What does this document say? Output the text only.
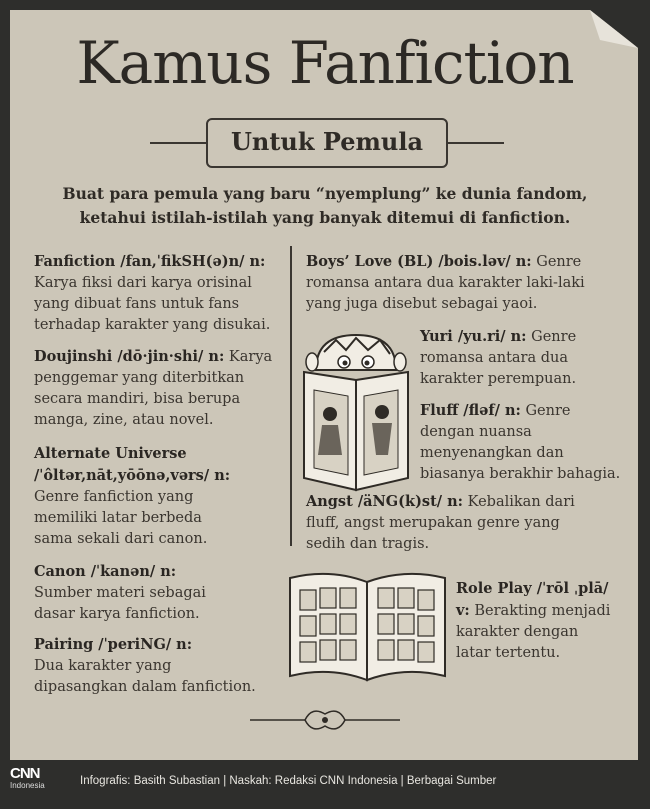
Kamus Fanfiction
Untuk Pemula
Buat para pemula yang baru “nyemplung” ke dunia fandom,
ketahui istilah-istilah yang banyak ditemui di fanfiction.
Fanfiction /fan,ˈfikSH(ə)n/ n:
Karya fiksi dari karya orisinal
yang dibuat fans untuk fans
terhadap karakter yang disukai.
Doujinshi /dō·jin·shi/ n: Karya
penggemar yang diterbitkan
secara mandiri, bisa berupa
manga, zine, atau novel.
Alternate Universe
/ˈôltər,nāt,yōōnə,vərs/ n:
Genre fanfiction yang
memiliki latar berbeda
sama sekali dari canon.
Canon /ˈkanən/ n:
Sumber materi sebagai
dasar karya fanfiction.
Pairing /ˈperiNG/ n:
Dua karakter yang
dipasangkan dalam fanfiction.
Boys’ Love (BL) /bois.ləv/ n: Genre
romansa antara dua karakter laki-laki
yang juga disebut sebagai yaoi.
Yuri /yu.ri/ n: Genre
romansa antara dua
karakter perempuan.
Fluff /fləf/ n: Genre
dengan nuansa
menyenangkan dan
biasanya berakhir bahagia.
Angst /äNG(k)st/ n: Kebalikan dari
fluff, angst merupakan genre yang
sedih dan tragis.
Role Play /ˈrōl ˌplā/
v: Berakting menjadi
karakter dengan
latar tertentu.
CNN
Indonesia	Infografis: Basith Subastian | Naskah: Redaksi CNN Indonesia | Berbagai Sumber
